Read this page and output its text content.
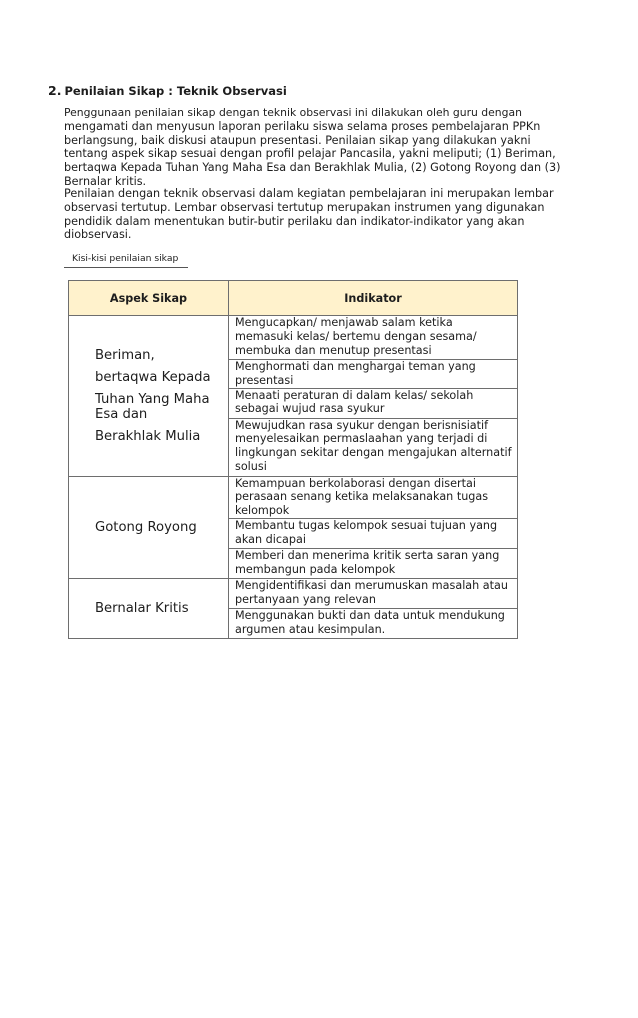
2. Penilaian Sikap : Teknik Observasi
Penggunaan penilaian sikap dengan teknik observasi ini dilakukan oleh guru dengan
mengamati dan menyusun laporan perilaku siswa selama proses pembelajaran PPKn berlangsung, baik diskusi ataupun presentasi. Penilaian sikap yang dilakukan yakni tentang aspek sikap sesuai dengan profil pelajar Pancasila, yakni meliputi; (1) Beriman, bertaqwa Kepada Tuhan Yang Maha Esa dan Berakhlak Mulia, (2) Gotong Royong dan (3) Bernalar kritis.
Penilaian dengan teknik observasi dalam kegiatan pembelajaran ini merupakan lembar observasi tertutup. Lembar observasi tertutup merupakan instrumen yang digunakan pendidik dalam menentukan butir-butir perilaku dan indikator-indikator yang akan diobservasi.
Kisi-kisi penilaian sikap
Aspek Sikap	Indikator

Beriman,
bertaqwa Kepada
Tuhan Yang Maha
Esa dan
Berakhlak Mulia	Mengucapkan/ menjawab salam ketika memasuki kelas/ bertemu dengan sesama/ membuka dan menutup presentasi
	Menghormati dan menghargai teman yang presentasi
	Menaati peraturan di dalam kelas/ sekolah sebagai wujud rasa syukur
	Mewujudkan rasa syukur dengan berisnisiatif menyelesaikan permaslaahan yang terjadi di lingkungan sekitar dengan mengajukan alternatif solusi
Gotong Royong	Kemampuan berkolaborasi dengan disertai perasaan senang ketika melaksanakan tugas kelompok
	Membantu tugas kelompok sesuai tujuan yang akan dicapai
	Memberi dan menerima kritik serta saran yang membangun pada kelompok
Bernalar Kritis	Mengidentifikasi dan merumuskan masalah atau pertanyaan yang relevan
	Menggunakan bukti dan data untuk mendukung argumen atau kesimpulan.
